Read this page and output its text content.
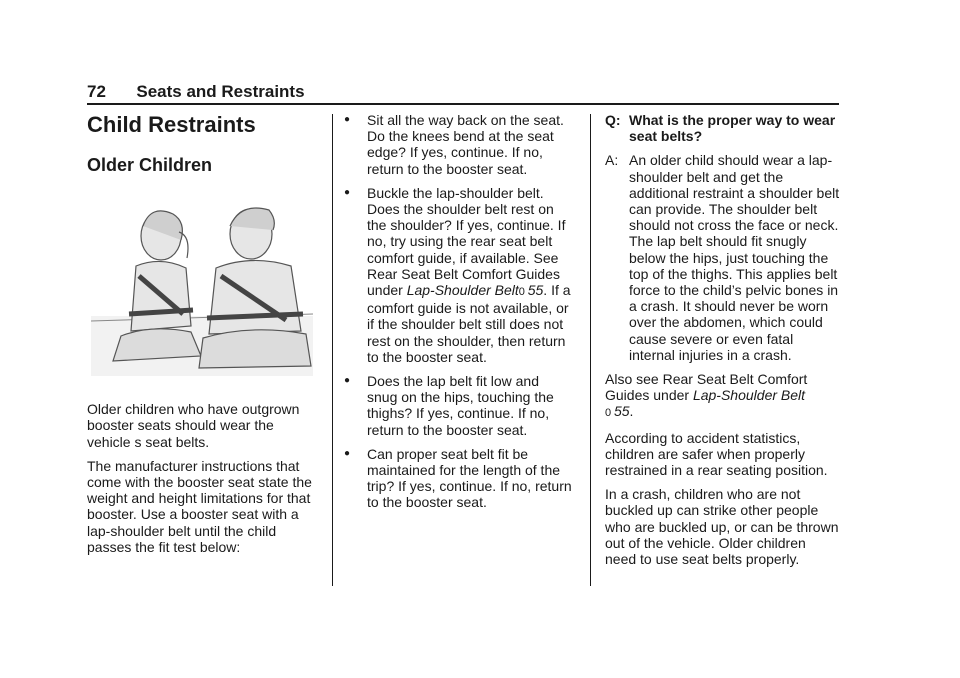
72 Seats and Restraints
Child Restraints
Older Children

Older children who have outgrown booster seats should wear the vehicle s seat belts.

The manufacturer instructions that come with the booster seat state the weight and height limitations for that booster. Use a booster seat with a lap-shoulder belt until the child passes the fit test below:

● Sit all the way back on the seat. Do the knees bend at the seat edge? If yes, continue. If no, return to the booster seat.
● Buckle the lap-shoulder belt. Does the shoulder belt rest on the shoulder? If yes, continue. If no, try using the rear seat belt comfort guide, if available. See Rear Seat Belt Comfort Guides under Lap-Shoulder Belt0  55. If a comfort guide is not available, or if the shoulder belt still does not rest on the shoulder, then return to the booster seat.
● Does the lap belt fit low and snug on the hips, touching the thighs? If yes, continue. If no, return to the booster seat.
● Can proper seat belt fit be maintained for the length of the trip? If yes, continue. If no, return to the booster seat.
Q: What is the proper way to wear seat belts?
A: An older child should wear a lap-shoulder belt and get the additional restraint a shoulder belt can provide. The shoulder belt should not cross the face or neck. The lap belt should fit snugly below the hips, just touching the top of the thighs. This applies belt force to the child’s pelvic bones in a crash. It should never be worn over the abdomen, which could cause severe or even fatal internal injuries in a crash.

Also see Rear Seat Belt Comfort Guides under Lap-Shoulder Belt
0  55.

According to accident statistics, children are safer when properly restrained in a rear seating position.

In a crash, children who are not buckled up can strike other people who are buckled up, or can be thrown out of the vehicle. Older children need to use seat belts properly.
